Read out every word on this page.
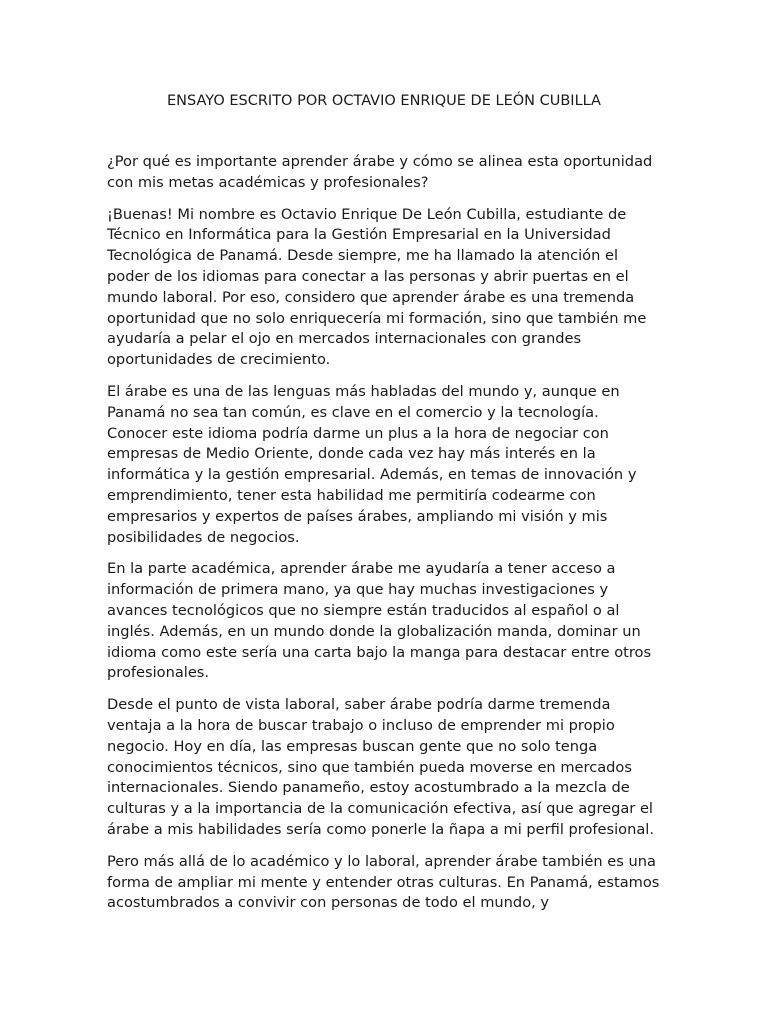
ENSAYO ESCRITO POR OCTAVIO ENRIQUE DE LEÓN CUBILLA

¿Por qué es importante aprender árabe y cómo se alinea esta oportunidad con mis metas académicas y profesionales?

¡Buenas! Mi nombre es Octavio Enrique De León Cubilla, estudiante de Técnico en Informática para la Gestión Empresarial en la Universidad Tecnológica de Panamá. Desde siempre, me ha llamado la atención el poder de los idiomas para conectar a las personas y abrir puertas en el mundo laboral. Por eso, considero que aprender árabe es una tremenda oportunidad que no solo enriquecería mi formación, sino que también me ayudaría a pelar el ojo en mercados internacionales con grandes oportunidades de crecimiento.

El árabe es una de las lenguas más habladas del mundo y, aunque en Panamá no sea tan común, es clave en el comercio y la tecnología. Conocer este idioma podría darme un plus a la hora de negociar con empresas de Medio Oriente, donde cada vez hay más interés en la informática y la gestión empresarial. Además, en temas de innovación y emprendimiento, tener esta habilidad me permitiría codearme con empresarios y expertos de países árabes, ampliando mi visión y mis posibilidades de negocios.

En la parte académica, aprender árabe me ayudaría a tener acceso a información de primera mano, ya que hay muchas investigaciones y avances tecnológicos que no siempre están traducidos al español o al inglés. Además, en un mundo donde la globalización manda, dominar un idioma como este sería una carta bajo la manga para destacar entre otros profesionales.

Desde el punto de vista laboral, saber árabe podría darme tremenda ventaja a la hora de buscar trabajo o incluso de emprender mi propio negocio. Hoy en día, las empresas buscan gente que no solo tenga conocimientos técnicos, sino que también pueda moverse en mercados internacionales. Siendo panameño, estoy acostumbrado a la mezcla de culturas y a la importancia de la comunicación efectiva, así que agregar el árabe a mis habilidades sería como ponerle la ñapa a mi perfil profesional.

Pero más allá de lo académico y lo laboral, aprender árabe también es una forma de ampliar mi mente y entender otras culturas. En Panamá, estamos acostumbrados a convivir con personas de todo el mundo, y
